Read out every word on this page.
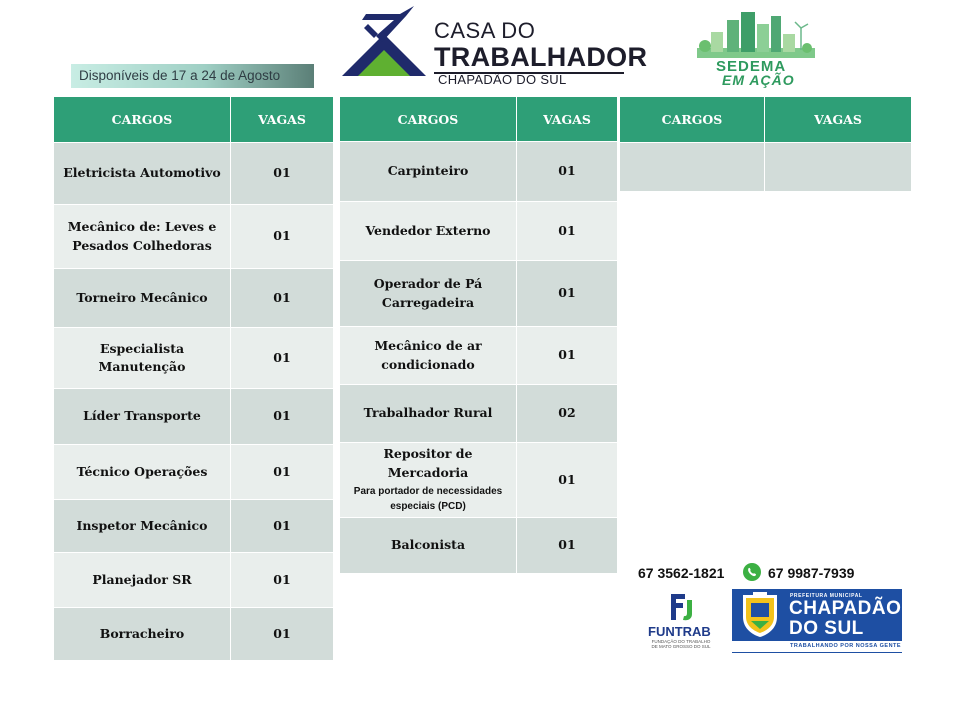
CASA DO
TRABALHADOR
CHAPADÃO DO SUL
SEDEMA
EM AÇÃO
Disponíveis de 17 a 24 de Agosto
CARGOS	VAGAS
Eletricista Automotivo	01
Mecânico de: Leves e Pesados Colhedoras	01
Torneiro Mecânico	01
Especialista Manutenção	01
Líder Transporte	01
Técnico Operações	01
Inspetor Mecânico	01
Planejador SR	01
Borracheiro	01
CARGOS	VAGAS
Carpinteiro	01
Vendedor Externo	01
Operador de Pá Carregadeira	01
Mecânico de ar condicionado	01
Trabalhador Rural	02
Repositor de Mercadoria
Para portador de necessidades especiais (PCD)	01
Balconista	01
CARGOS	VAGAS

67 3562-1821	67 9987-7939
FUNTRAB
FUNDAÇÃO DO TRABALHO DE MATO GROSSO DO SUL
PREFEITURA MUNICIPAL
CHAPADÃO
DO SUL
TRABALHANDO POR NOSSA GENTE
